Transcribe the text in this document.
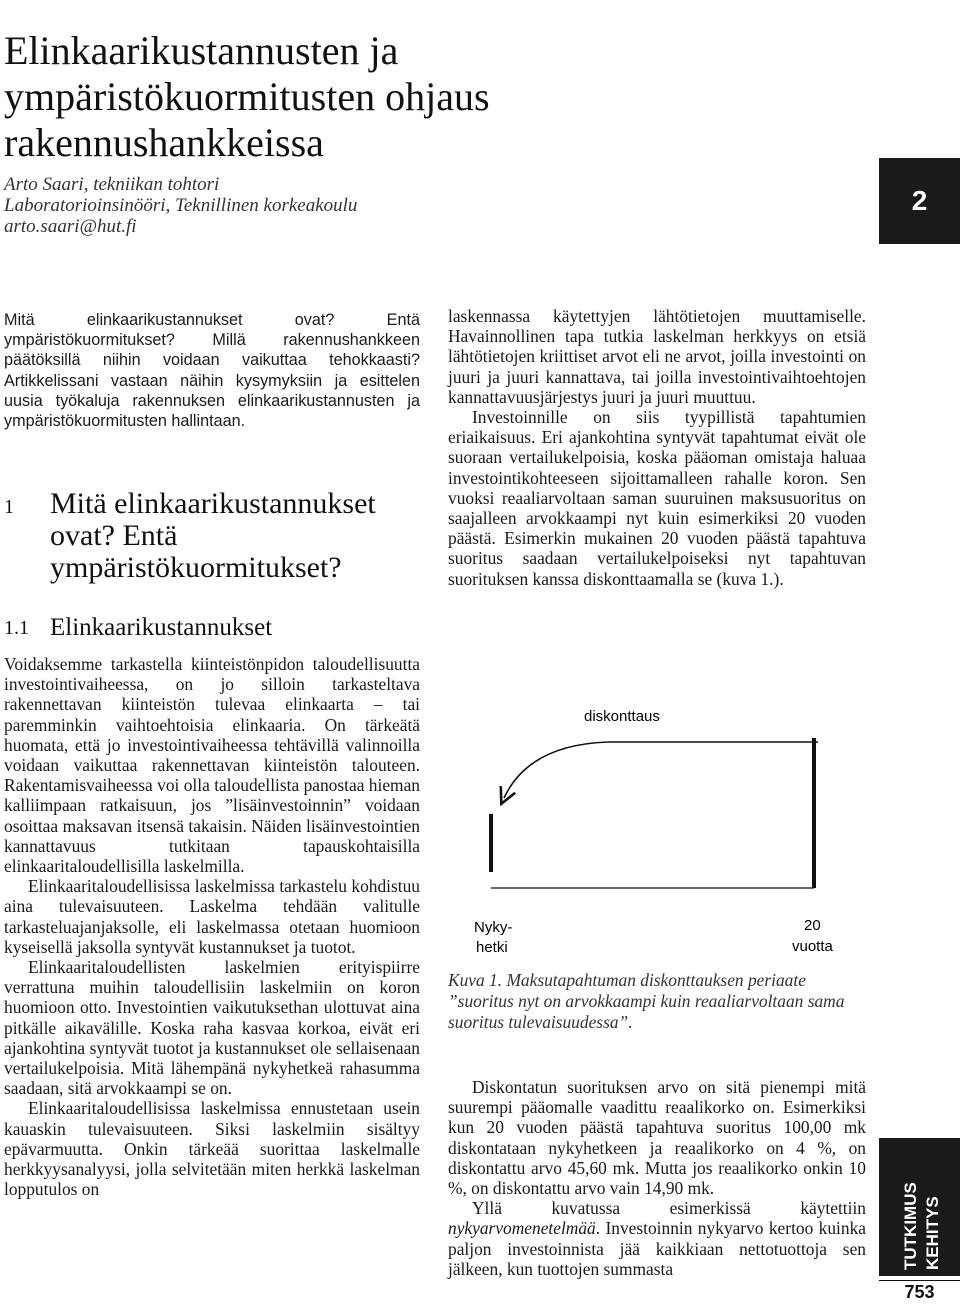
Elinkaarikustannusten ja
ympäristökuormitusten ohjaus
rakennushankkeissa
Arto Saari, tekniikan tohtori
Laboratorioinsinööri, Teknillinen korkeakoulu
arto.saari@hut.fi
2

Mitä elinkaarikustannukset ovat? Entä ympäristökuormitukset? Millä rakennushankkeen päätöksillä niihin voidaan vaikuttaa tehokkaasti? Artikkelissani vastaan näihin kysymyksiin ja esittelen uusia työkaluja rakennuksen elinkaarikustannusten ja ympäristökuormitusten hallintaan.

1 Mitä elinkaarikustannukset ovat? Entä ympäristökuormitukset?
1.1 Elinkaarikustannukset

Voidaksemme tarkastella kiinteistönpidon taloudellisuutta investointivaiheessa, on jo silloin tarkasteltava rakennettavan kiinteistön tulevaa elinkaarta – tai paremminkin vaihtoehtoisia elinkaaria. On tärkeätä huomata, että jo investointivaiheessa tehtävillä valinnoilla voidaan vaikuttaa rakennettavan kiinteistön talouteen. Rakentamisvaiheessa voi olla taloudellista panostaa hieman kalliimpaan ratkaisuun, jos ”lisäinvestoinnin” voidaan osoittaa maksavan itsensä takaisin. Näiden lisäinvestointien kannattavuus tutkitaan tapauskohtaisilla elinkaaritaloudellisilla laskelmilla.

Elinkaaritaloudellisissa laskelmissa tarkastelu kohdistuu aina tulevaisuuteen. Laskelma tehdään valitulle tarkasteluajanjaksolle, eli laskelmassa otetaan huomioon kyseisellä jaksolla syntyvät kustannukset ja tuotot.

Elinkaaritaloudellisten laskelmien erityispiirre verrattuna muihin taloudellisiin laskelmiin on koron huomioon otto. Investointien vaikutuksethan ulottuvat aina pitkälle aikavälille. Koska raha kasvaa korkoa, eivät eri ajankohtina syntyvät tuotot ja kustannukset ole sellaisenaan vertailukelpoisia. Mitä lähempänä nykyhetkeä rahasumma saadaan, sitä arvokkaampi se on.

Elinkaaritaloudellisissa laskelmissa ennustetaan usein kauaskin tulevaisuuteen. Siksi laskelmiin sisältyy epävarmuutta. Onkin tärkeää suorittaa laskelmalle herkkyysanalyysi, jolla selvitetään miten herkkä laskelman lopputulos on

laskennassa käytettyjen lähtötietojen muuttamiselle. Havainnollinen tapa tutkia laskelman herkkyys on etsiä lähtötietojen kriittiset arvot eli ne arvot, joilla investointi on juuri ja juuri kannattava, tai joilla investointivaihtoehtojen kannattavuusjärjestys juuri ja juuri muuttuu.

Investoinnille on siis tyypillistä tapahtumien eriaikaisuus. Eri ajankohtina syntyvät tapahtumat eivät ole suoraan vertailukelpoisia, koska pääoman omistaja haluaa investointikohteeseen sijoittamalleen rahalle koron. Sen vuoksi reaaliarvoltaan saman suuruinen maksusuoritus on saajalleen arvokkaampi nyt kuin esimerkiksi 20 vuoden päästä. Esimerkin mukainen 20 vuoden päästä tapahtuva suoritus saadaan vertailukelpoiseksi nyt tapahtuvan suorituksen kanssa diskonttaamalla se (kuva 1.).

diskonttaus
Nyky-
hetki
20
vuotta
Kuva 1. Maksutapahtuman diskonttauksen periaate ”suoritus nyt on arvokkaampi kuin reaaliarvoltaan sama suoritus tulevaisuudessa”.

Diskontatun suorituksen arvo on sitä pienempi mitä suurempi pääomalle vaadittu reaalikorko on. Esimerkiksi kun 20 vuoden päästä tapahtuva suoritus 100,00 mk diskontataan nykyhetkeen ja reaalikorko on 4 %, on diskontattu arvo 45,60 mk. Mutta jos reaalikorko onkin 10 %, on diskontattu arvo vain 14,90 mk.

Yllä kuvatussa esimerkissä käytettiin nykyarvomenetelmää. Investoinnin nykyarvo kertoo kuinka paljon investoinnista jää kaikkiaan nettotuottoja sen jälkeen, kun tuottojen summasta	TUTKIMUS KEHITYS
753
